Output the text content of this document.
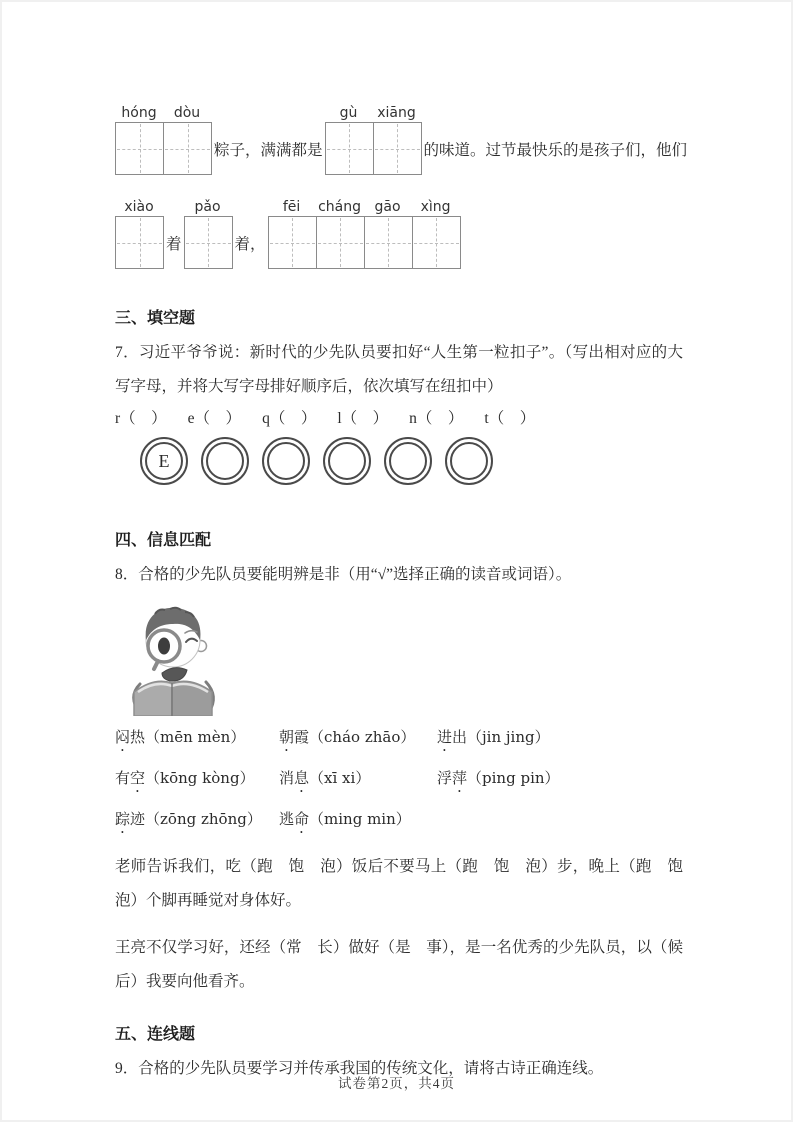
hóng	dòu
粽子，满满都是
gù	xiāng
的味道。过节最快乐的是孩子们，他们
xiào
着
pǎo
着，
fēi	cháng gāo	xìng
三、填空题

7．习近平爷爷说：新时代的少先队员要扣好“人生第一粒扣子”。（写出相对应的大写字母，并将大写字母排好顺序后，依次填写在纽扣中）

r（　） e（　） q（　） l（　） n（　） t（　）
E
四、信息匹配

8．合格的少先队员要能明辨是非（用“√”选择正确的读音或词语）。

闷热（mēn mèn）	朝霞（cháo zhāo）	进出（jin jing）
有空（kōng kòng）	消息（xī xi）	浮萍（ping pin）
踪迹（zōng zhōng）	逃命（ming min）

老师告诉我们，吃（跑　饱　泡）饭后不要马上（跑　饱　泡）步，晚上（跑　饱　泡）个脚再睡觉对身体好。

王亮不仅学习好，还经（常　长）做好（是　事），是一名优秀的少先队员，以（候　后）我要向他看齐。

五、连线题

9．合格的少先队员要学习并传承我国的传统文化，请将古诗正确连线。

试卷第2页，共4页
